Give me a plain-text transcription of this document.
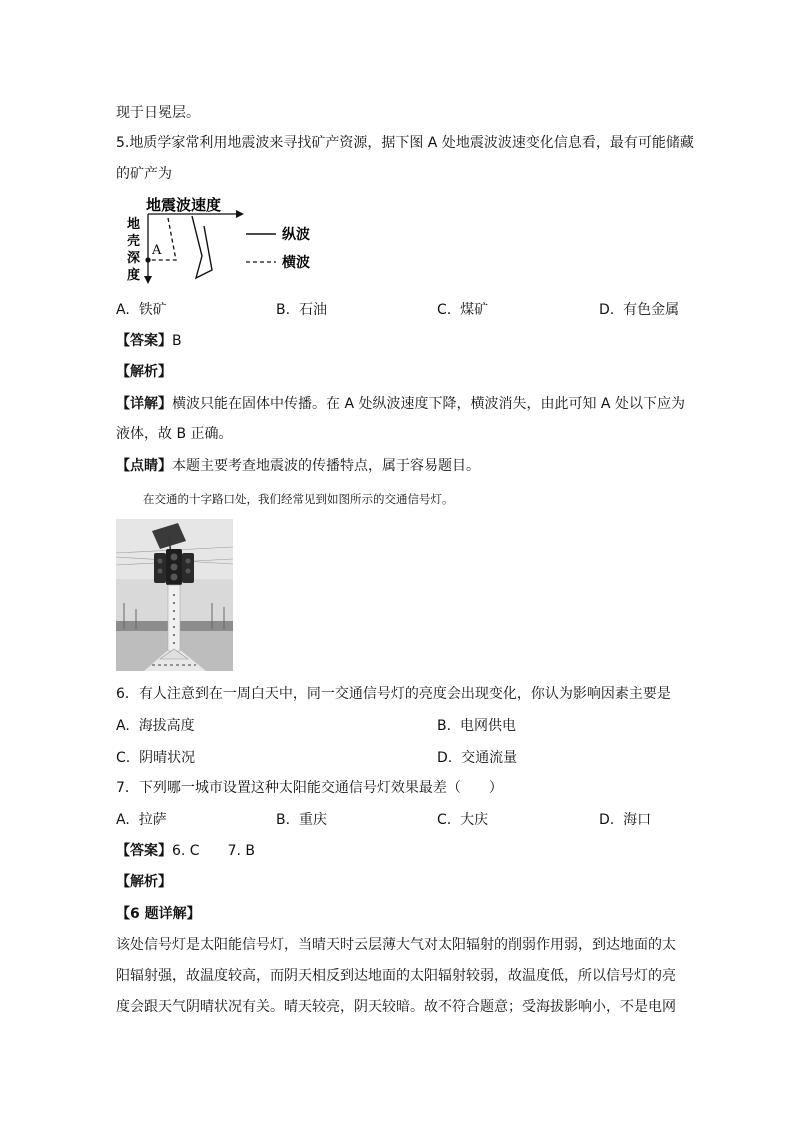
现于日冕层。
5.地质学家常利用地震波来寻找矿产资源，据下图 A 处地震波波速变化信息看，最有可能储藏
的矿产为
地震波速度
地
壳
深
度
A
纵波
横波
A. 铁矿	B. 石油	C. 煤矿	D. 有色金属
【答案】B
【解析】
【详解】横波只能在固体中传播。在 A 处纵波速度下降，横波消失，由此可知 A 处以下应为
液体，故 B 正确。
【点睛】本题主要考查地震波的传播特点，属于容易题目。
在交通的十字路口处，我们经常见到如图所示的交通信号灯。
6．有人注意到在一周白天中，同一交通信号灯的亮度会出现变化，你认为影响因素主要是
A. 海拔高度	B. 电网供电
C. 阴晴状况	D. 交通流量
7．下列哪一城市设置这种太阳能交通信号灯效果最差（　　）
A. 拉萨	B. 重庆	C. 大庆	D. 海口
【答案】6. C　　7. B
【解析】
【6 题详解】
该处信号灯是太阳能信号灯，当晴天时云层薄大气对太阳辐射的削弱作用弱，到达地面的太
阳辐射强，故温度较高，而阴天相反到达地面的太阳辐射较弱，故温度低，所以信号灯的亮
度会跟天气阴晴状况有关。晴天较亮，阴天较暗。故不符合题意；受海拔影响小，不是电网
